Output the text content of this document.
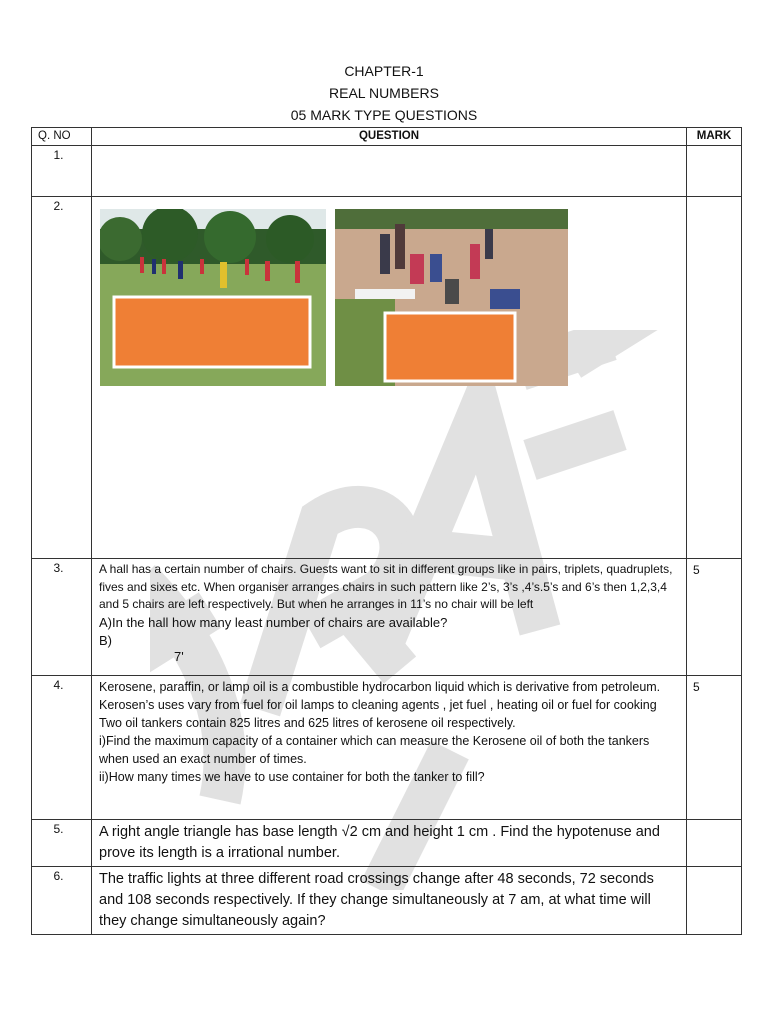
CHAPTER-1
REAL NUMBERS
05 MARK TYPE QUESTIONS
Q. NO	QUESTION	MARK
1.		
2.	

3.	A hall has a certain number of chairs. Guests want to sit in different groups like in pairs, triplets, quadruplets, fives and sixes etc. When organiser arranges chairs in such pattern like 2’s, 3’s ,4’s.5’s and 6’s then 1,2,3,4 and 5 chairs are left respectively. But when he arranges in 11’s no chair will be left
A)In the hall how many least number of chairs are available?
B)
7'	5
4.	Kerosene, paraffin, or lamp oil is a combustible hydrocarbon liquid which is derivative from petroleum. Kerosen’s uses vary from fuel for oil lamps to cleaning agents , jet fuel , heating oil or fuel for cooking Two oil tankers contain 825 litres and 625 litres of kerosene oil respectively.
i)Find the maximum capacity of a container which can measure the Kerosene oil of both the tankers when used an exact number of times.
ii)How many times we have to use container for both the tanker to fill?	5
5.	A right angle triangle has base length √2 cm and height 1 cm . Find the hypotenuse and prove its length is a irrational number.	

6.	The traffic lights at three different road crossings change after 48 seconds, 72 seconds and 108 seconds respectively. If they change simultaneously at 7 am, at what time will they change simultaneously again?	
